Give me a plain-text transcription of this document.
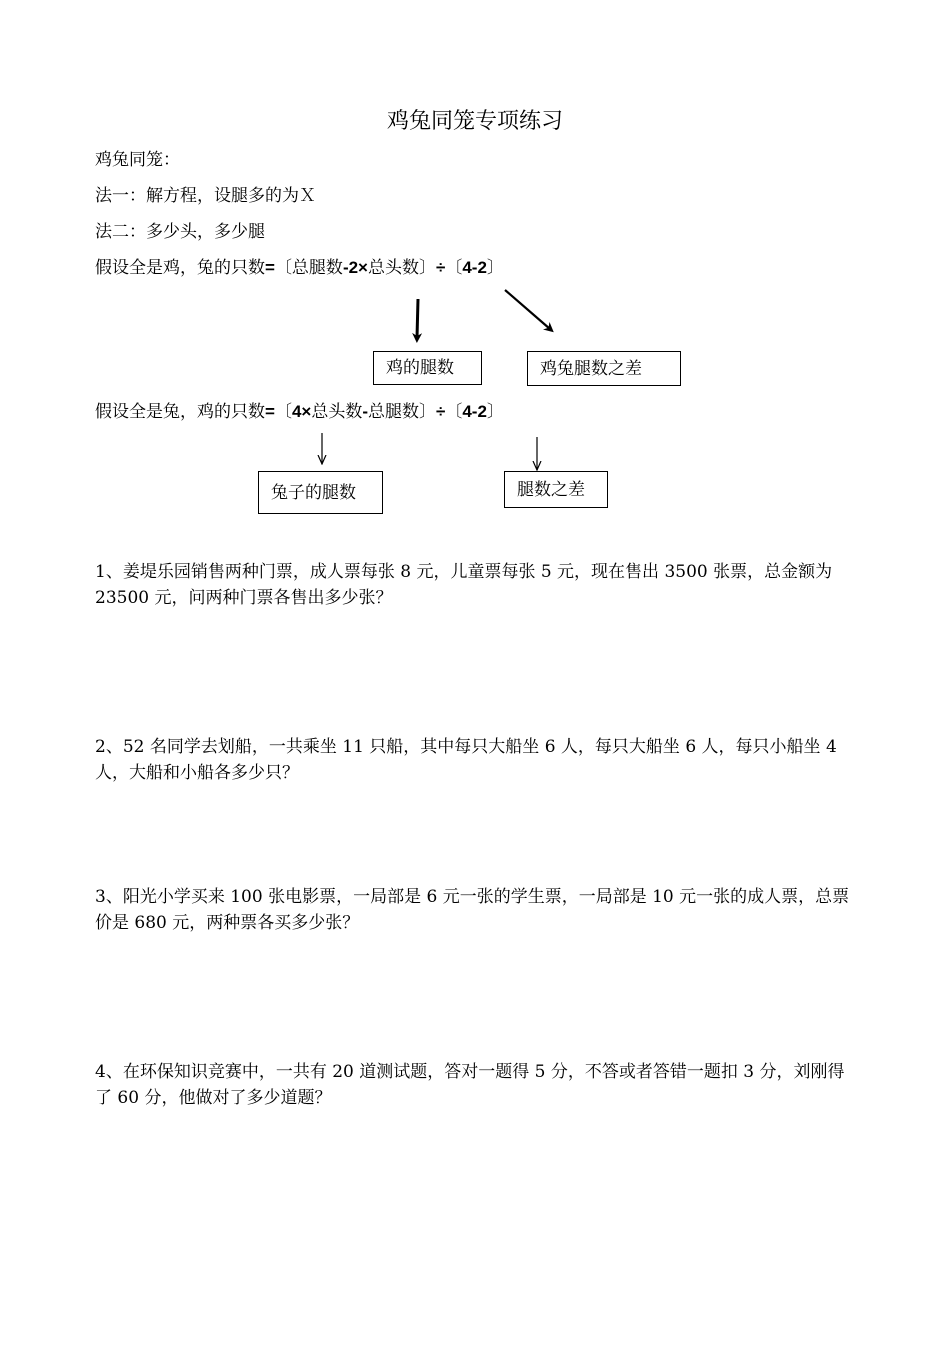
鸡兔同笼专项练习
鸡兔同笼：
法一：解方程，设腿多的为Ｘ
法二：多少头，多少腿
假设全是鸡，兔的只数=〔总腿数-2×总头数〕÷〔4-2〕
鸡的腿数	鸡兔腿数之差
假设全是兔，鸡的只数=〔4×总头数-总腿数〕÷〔4-2〕
兔子的腿数	腿数之差
1、姜堤乐园销售两种门票，成人票每张 8 元，儿童票每张 5 元，现在售出 3500 张票，总金额为 23500 元，问两种门票各售出多少张？
2、52 名同学去划船，一共乘坐 11 只船，其中每只大船坐 6 人，每只大船坐 6 人，每只小船坐 4 人，大船和小船各多少只？
3、阳光小学买来 100 张电影票，一局部是 6 元一张的学生票，一局部是 10 元一张的成人票，总票价是 680 元，两种票各买多少张？
4、在环保知识竞赛中，一共有 20 道测试题，答对一题得 5 分，不答或者答错一题扣 3 分，刘刚得了 60 分，他做对了多少道题？
